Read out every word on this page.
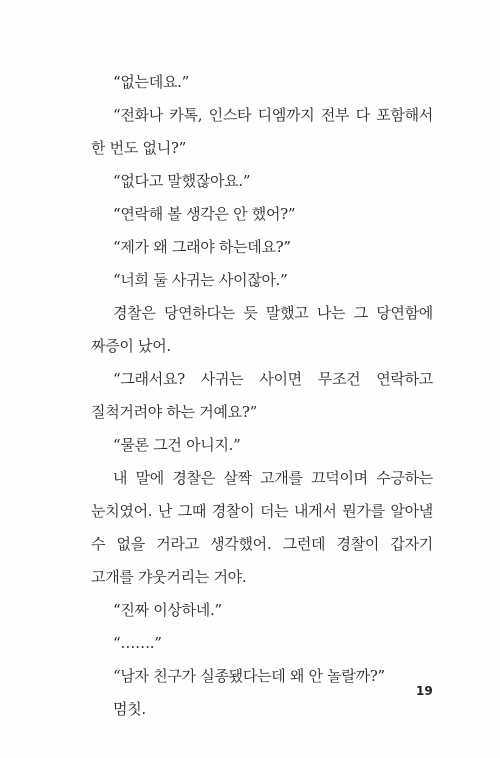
“없는데요.”

“전화나 카톡, 인스타 디엠까지 전부 다 포함해서 한 번도 없니?”

“없다고 말했잖아요.”

“연락해 볼 생각은 안 했어?”

“제가 왜 그래야 하는데요?”

“너희 둘 사귀는 사이잖아.”

경찰은 당연하다는 듯 말했고 나는 그 당연함에 짜증이 났어.

“그래서요? 사귀는 사이면 무조건 연락하고 질척거려야 하는 거예요?”

“물론 그건 아니지.”

내 말에 경찰은 살짝 고개를 끄덕이며 수긍하는 눈치였어. 난 그때 경찰이 더는 내게서 뭔가를 알아낼 수 없을 거라고 생각했어. 그런데 경찰이 갑자기 고개를 갸웃거리는 거야.

“진짜 이상하네.”

“…….”

“남자 친구가 실종됐다는데 왜 안 놀랄까?”

멈칫.

19
